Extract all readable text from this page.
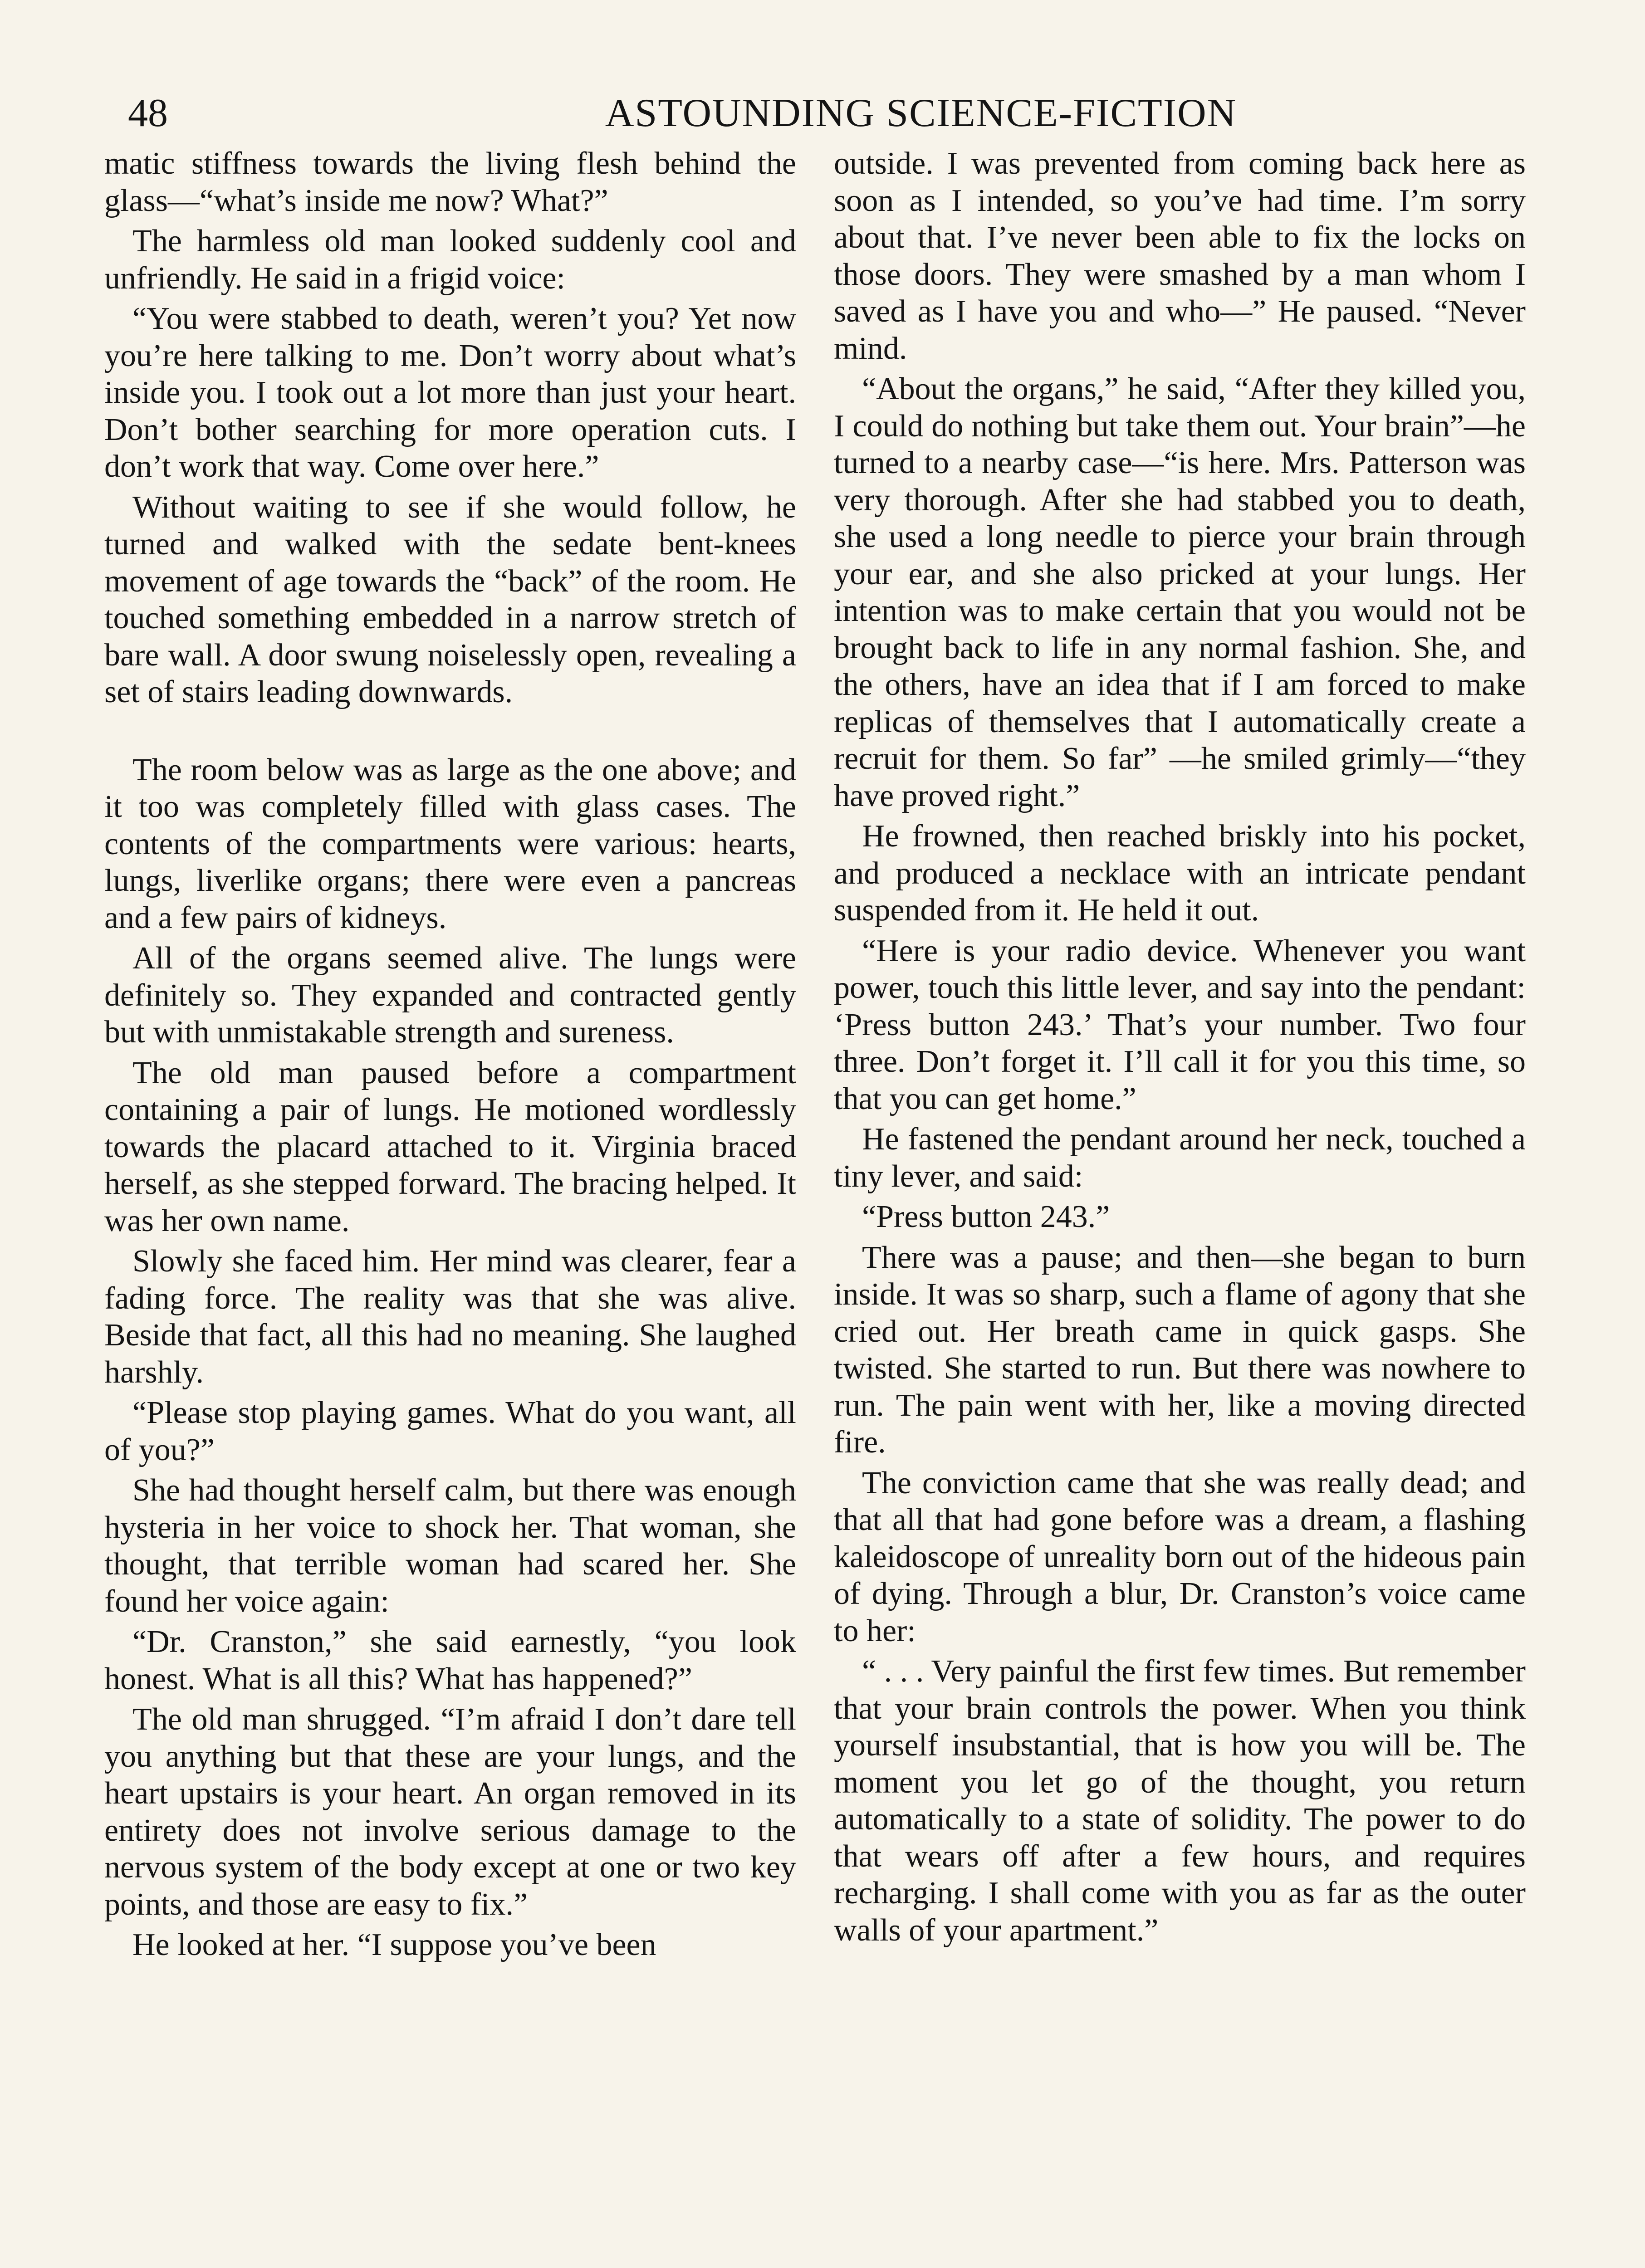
48	ASTOUNDING SCIENCE-FICTION

matic stiffness towards the living flesh behind the glass—“what’s inside me now? What?”

The harmless old man looked suddenly cool and unfriendly. He said in a frigid voice:

“You were stabbed to death, weren’t you? Yet now you’re here talking to me. Don’t worry about what’s inside you. I took out a lot more than just your heart. Don’t bother searching for more operation cuts. I don’t work that way. Come over here.”

Without waiting to see if she would follow, he turned and walked with the sedate bent-knees movement of age towards the “back” of the room. He touched something embedded in a narrow stretch of bare wall. A door swung noiselessly open, revealing a set of stairs leading downwards.

The room below was as large as the one above; and it too was completely filled with glass cases. The contents of the compartments were various: hearts, lungs, liverlike organs; there were even a pancreas and a few pairs of kidneys.

All of the organs seemed alive. The lungs were definitely so. They expanded and contracted gently but with unmistakable strength and sureness.

The old man paused before a compartment containing a pair of lungs. He motioned wordlessly towards the placard attached to it. Virginia braced herself, as she stepped forward. The bracing helped. It was her own name.

Slowly she faced him. Her mind was clearer, fear a fading force. The reality was that she was alive. Beside that fact, all this had no meaning. She laughed harshly.

“Please stop playing games. What do you want, all of you?”

She had thought herself calm, but there was enough hysteria in her voice to shock her. That woman, she thought, that terrible woman had scared her. She found her voice again:

“Dr. Cranston,” she said earnestly, “you look honest. What is all this? What has happened?”

The old man shrugged. “I’m afraid I don’t dare tell you anything but that these are your lungs, and the heart upstairs is your heart. An organ removed in its entirety does not involve serious damage to the nervous system of the body except at one or two key points, and those are easy to fix.”

He looked at her. “I suppose you’ve been

outside. I was prevented from coming back here as soon as I intended, so you’ve had time. I’m sorry about that. I’ve never been able to fix the locks on those doors. They were smashed by a man whom I saved as I have you and who—” He paused. “Never mind.

“About the organs,” he said, “After they killed you, I could do nothing but take them out. Your brain”—he turned to a nearby case—“is here. Mrs. Patterson was very thorough. After she had stabbed you to death, she used a long needle to pierce your brain through your ear, and she also pricked at your lungs. Her intention was to make certain that you would not be brought back to life in any normal fashion. She, and the others, have an idea that if I am forced to make replicas of themselves that I automatically create a recruit for them. So far” —he smiled grimly—“they have proved right.”

He frowned, then reached briskly into his pocket, and produced a necklace with an intricate pendant suspended from it. He held it out.

“Here is your radio device. Whenever you want power, touch this little lever, and say into the pendant: ‘Press button 243.’ That’s your number. Two four three. Don’t forget it. I’ll call it for you this time, so that you can get home.”

He fastened the pendant around her neck, touched a tiny lever, and said:

“Press button 243.”

There was a pause; and then—she began to burn inside. It was so sharp, such a flame of agony that she cried out. Her breath came in quick gasps. She twisted. She started to run. But there was nowhere to run. The pain went with her, like a moving directed fire.

The conviction came that she was really dead; and that all that had gone before was a dream, a flashing kaleidoscope of unreality born out of the hideous pain of dying. Through a blur, Dr. Cranston’s voice came to her:

“ . . . Very painful the first few times. But remember that your brain controls the power. When you think yourself insubstantial, that is how you will be. The moment you let go of the thought, you return automatically to a state of solidity. The power to do that wears off after a few hours, and requires recharging. I shall come with you as far as the outer walls of your apartment.”
